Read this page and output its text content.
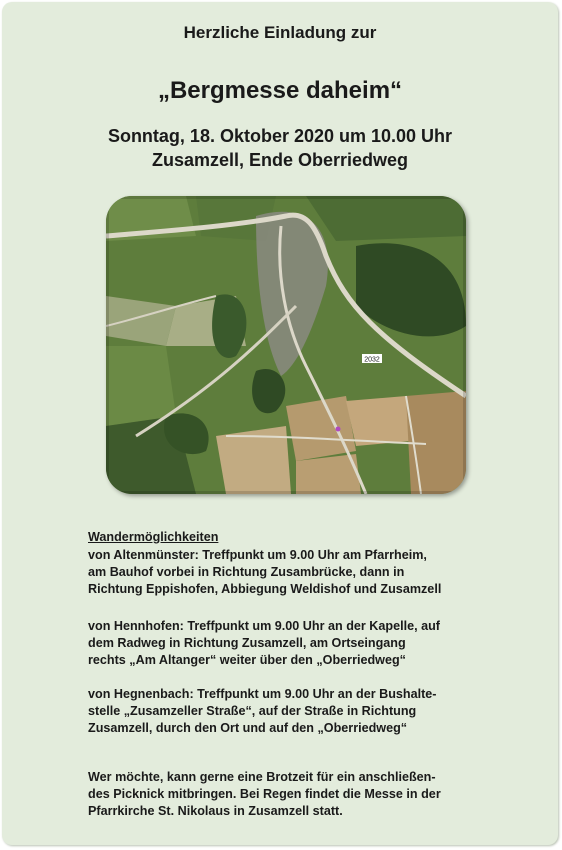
Herzliche Einladung zur
„Bergmesse daheim“
Sonntag, 18. Oktober 2020 um 10.00 Uhr
Zusamzell, Ende Oberriedweg
2032
Wandermöglichkeiten
von Altenmünster: Treffpunkt um 9.00 Uhr am Pfarrheim,
am Bauhof vorbei in Richtung Zusambrücke, dann in
Richtung Eppishofen, Abbiegung Weldishof und Zusamzell
von Hennhofen: Treffpunkt um 9.00 Uhr an der Kapelle, auf
dem Radweg in Richtung Zusamzell, am Ortseingang
rechts „Am Altanger“ weiter über den „Oberriedweg“
von Hegnenbach: Treffpunkt um 9.00 Uhr an der Bushalte-
stelle „Zusamzeller Straße“, auf der Straße in Richtung
Zusamzell, durch den Ort und auf den „Oberriedweg“
Wer möchte, kann gerne eine Brotzeit für ein anschließen-
des Picknick mitbringen. Bei Regen findet die Messe in der
Pfarrkirche St. Nikolaus in Zusamzell statt.
